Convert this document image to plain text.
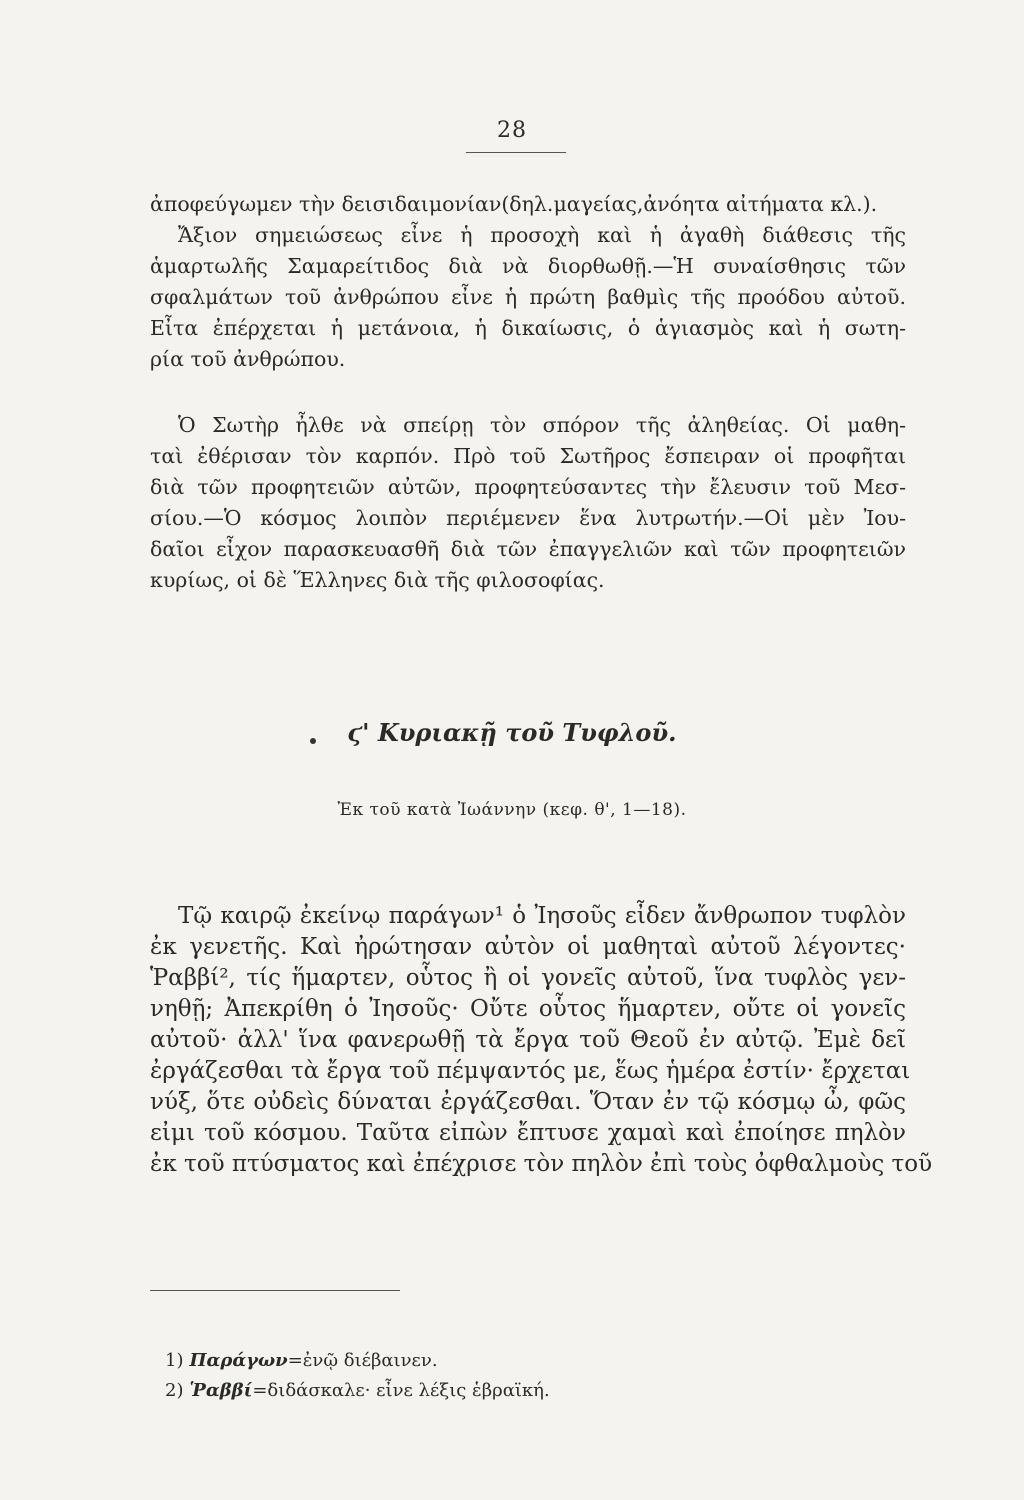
28
ἀποφεύγωμεν τὴν δεισιδαιμονίαν(δηλ.μαγείας,ἀνόητα αἰτήματα κλ.).
Ἄξιον σημειώσεως εἶνε ἡ προσοχὴ καὶ ἡ ἀγαθὴ διάθεσις τῆς
ἁμαρτωλῆς Σαμαρείτιδος διὰ νὰ διορθωθῇ.—Ἡ συναίσθησις τῶν
σφαλμάτων τοῦ ἀνθρώπου εἶνε ἡ πρώτη βαθμὶς τῆς προόδου αὐτοῦ.
Εἶτα ἐπέρχεται ἡ μετάνοια, ἡ δικαίωσις, ὁ ἁγιασμὸς καὶ ἡ σωτη-
ρία τοῦ ἀνθρώπου.
Ὁ Σωτὴρ ἦλθε νὰ σπείρῃ τὸν σπόρον τῆς ἀληθείας. Οἱ μαθη-
ταὶ ἐθέρισαν τὸν καρπόν. Πρὸ τοῦ Σωτῆρος ἔσπειραν οἱ προφῆται
διὰ τῶν προφητειῶν αὐτῶν, προφητεύσαντες τὴν ἔλευσιν τοῦ Μεσ-
σίου.—Ὁ κόσμος λοιπὸν περιέμενεν ἕνα λυτρωτήν.—Οἱ μὲν Ἰου-
δαῖοι εἶχον παρασκευασθῆ διὰ τῶν ἐπαγγελιῶν καὶ τῶν προφητειῶν
κυρίως, οἱ δὲ Ἕλληνες διὰ τῆς φιλοσοφίας.
ϛ' Κυριακῇ τοῦ Τυφλοῦ.
Ἐκ τοῦ κατὰ Ἰωάννην (κεφ. θ', 1—18).
Τῷ καιρῷ ἐκείνῳ παράγων¹ ὁ Ἰησοῦς εἶδεν ἄνθρωπον τυφλὸν
ἐκ γενετῆς. Καὶ ἠρώτησαν αὐτὸν οἱ μαθηταὶ αὐτοῦ λέγοντες·
Ῥαββί², τίς ἥμαρτεν, οὗτος ἢ οἱ γονεῖς αὐτοῦ, ἵνα τυφλὸς γεν-
νηθῇ; Ἀπεκρίθη ὁ Ἰησοῦς· Οὔτε οὗτος ἥμαρτεν, οὔτε οἱ γονεῖς
αὐτοῦ· ἀλλ' ἵνα φανερωθῇ τὰ ἔργα τοῦ Θεοῦ ἐν αὐτῷ. Ἐμὲ δεῖ
ἐργάζεσθαι τὰ ἔργα τοῦ πέμψαντός με, ἕως ἡμέρα ἐστίν· ἔρχεται
νύξ, ὅτε οὐδεὶς δύναται ἐργάζεσθαι. Ὅταν ἐν τῷ κόσμῳ ὦ, φῶς
εἰμι τοῦ κόσμου. Ταῦτα εἰπὼν ἔπτυσε χαμαὶ καὶ ἐποίησε πηλὸν
ἐκ τοῦ πτύσματος καὶ ἐπέχρισε τὸν πηλὸν ἐπὶ τοὺς ὀφθαλμοὺς τοῦ
1) Παράγων=ἐνῷ διέβαινεν.
2) Ῥαββί=διδάσκαλε· εἶνε λέξις ἑβραϊκή.
